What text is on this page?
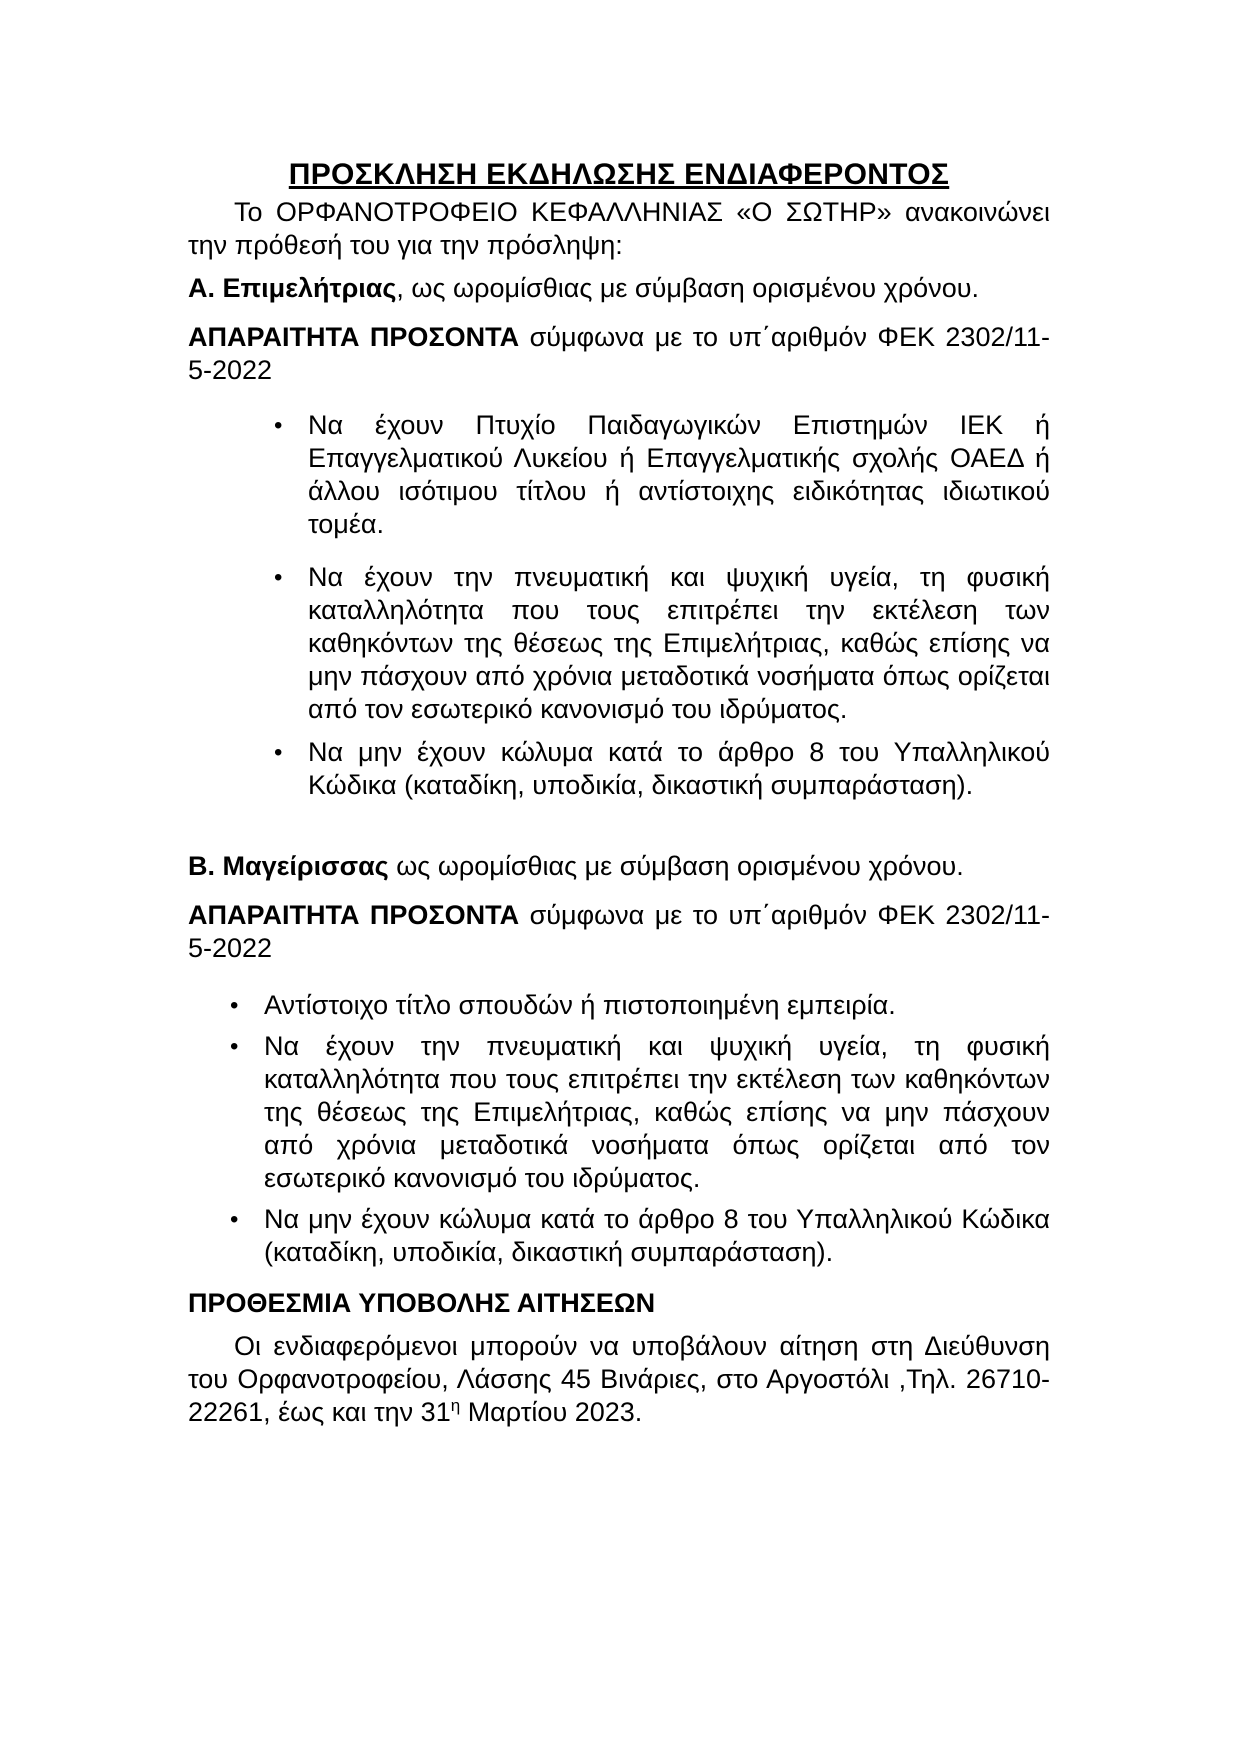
ΠΡΟΣΚΛΗΣΗ ΕΚΔΗΛΩΣΗΣ ΕΝΔΙΑΦΕΡΟΝΤΟΣ

Το ΟΡΦΑΝΟΤΡΟΦΕΙΟ ΚΕΦΑΛΛΗΝΙΑΣ «Ο ΣΩΤΗΡ» ανακοινώνει την πρόθεσή του για την πρόσληψη:

Α. Επιμελήτριας, ως ωρομίσθιας με σύμβαση ορισμένου χρόνου.

ΑΠΑΡΑΙΤΗΤΑ ΠΡΟΣΟΝΤΑ σύμφωνα με το υπ΄αριθμόν ΦΕΚ 2302/11-5-2022

• Να έχουν Πτυχίο Παιδαγωγικών Επιστημών ΙΕΚ ή Επαγγελματικού Λυκείου ή Επαγγελματικής σχολής ΟΑΕΔ ή άλλου ισότιμου τίτλου ή αντίστοιχης ειδικότητας ιδιωτικού τομέα.
• Να έχουν την πνευματική και ψυχική υγεία, τη φυσική καταλληλότητα που τους επιτρέπει την εκτέλεση των καθηκόντων της θέσεως της Επιμελήτριας, καθώς επίσης να μην πάσχουν από χρόνια μεταδοτικά νοσήματα όπως ορίζεται από τον εσωτερικό κανονισμό του ιδρύματος.
• Να μην έχουν κώλυμα κατά το άρθρο 8 του Υπαλληλικού Κώδικα (καταδίκη, υποδικία, δικαστική συμπαράσταση).

Β. Μαγείρισσας ως ωρομίσθιας με σύμβαση ορισμένου χρόνου.

ΑΠΑΡΑΙΤΗΤΑ ΠΡΟΣΟΝΤΑ σύμφωνα με το υπ΄αριθμόν ΦΕΚ 2302/11-5-2022

• Αντίστοιχο τίτλο σπουδών ή πιστοποιημένη εμπειρία.
• Να έχουν την πνευματική και ψυχική υγεία, τη φυσική καταλληλότητα που τους επιτρέπει την εκτέλεση των καθηκόντων της θέσεως της Επιμελήτριας, καθώς επίσης να μην πάσχουν από χρόνια μεταδοτικά νοσήματα όπως ορίζεται από τον εσωτερικό κανονισμό του ιδρύματος.
• Να μην έχουν κώλυμα κατά το άρθρο 8 του Υπαλληλικού Κώδικα (καταδίκη, υποδικία, δικαστική συμπαράσταση).

ΠΡΟΘΕΣΜΙΑ ΥΠΟΒΟΛΗΣ ΑΙΤΗΣΕΩΝ

Οι ενδιαφερόμενοι μπορούν να υποβάλουν αίτηση στη Διεύθυνση του Ορφανοτροφείου, Λάσσης 45 Βινάριες, στο Αργοστόλι ,Τηλ. 26710-22261, έως και την $31^\eta$ Μαρτίου 2023.
